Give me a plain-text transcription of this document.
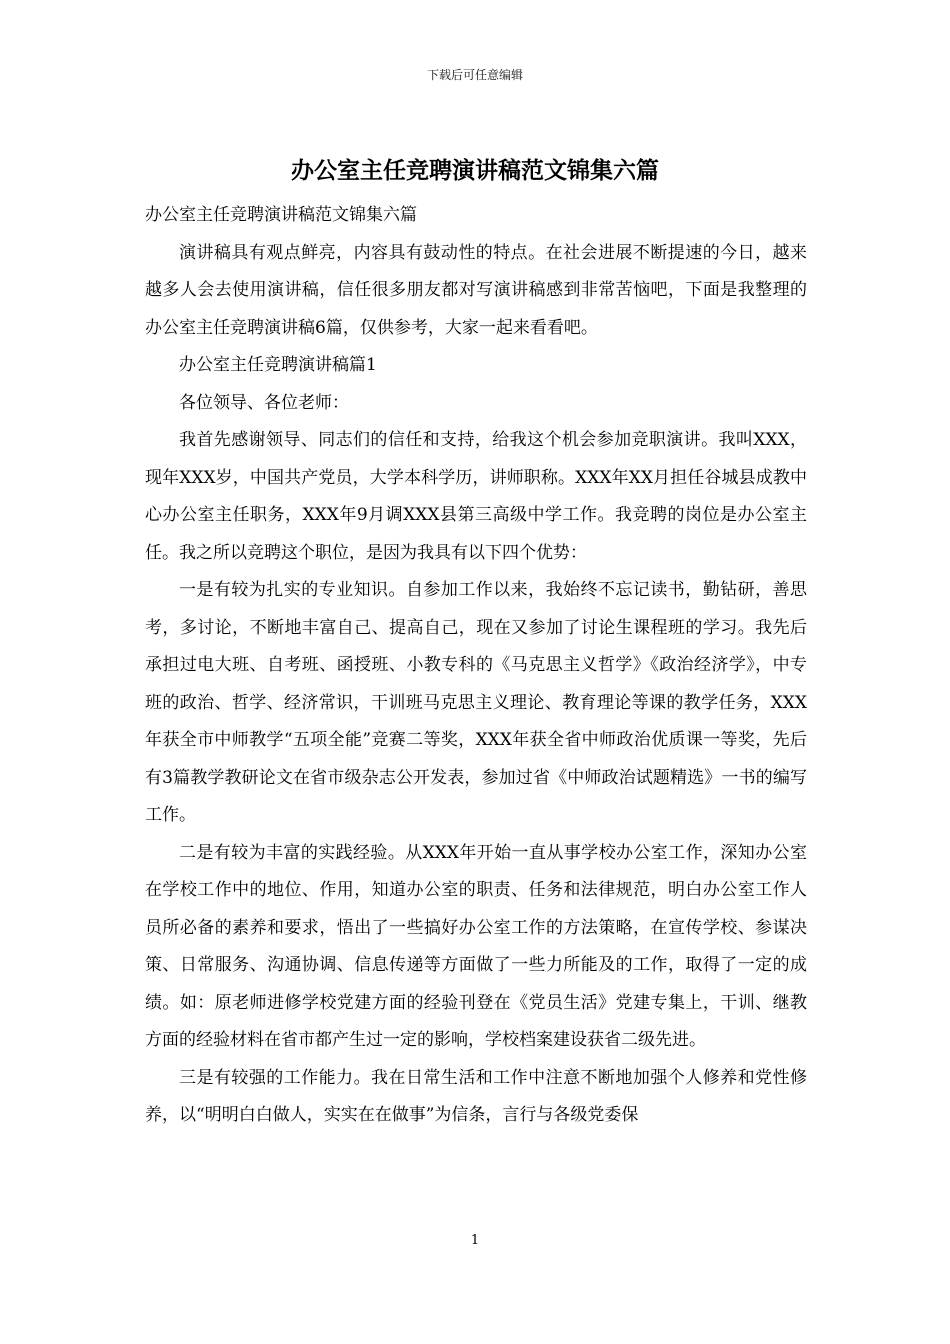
下载后可任意编辑
办公室主任竞聘演讲稿范文锦集六篇

办公室主任竞聘演讲稿范文锦集六篇

演讲稿具有观点鲜亮，内容具有鼓动性的特点。在社会进展不断提速的今日，越来越多人会去使用演讲稿，信任很多朋友都对写演讲稿感到非常苦恼吧，下面是我整理的办公室主任竞聘演讲稿6篇，仅供参考，大家一起来看看吧。

办公室主任竞聘演讲稿篇1

各位领导、各位老师：

我首先感谢领导、同志们的信任和支持，给我这个机会参加竞职演讲。我叫XXX，现年XXX岁，中国共产党员，大学本科学历，讲师职称。XXX年XX月担任谷城县成教中心办公室主任职务，XXX年9月调XXX县第三高级中学工作。我竞聘的岗位是办公室主任。我之所以竞聘这个职位，是因为我具有以下四个优势：

一是有较为扎实的专业知识。自参加工作以来，我始终不忘记读书，勤钻研，善思考，多讨论，不断地丰富自己、提高自己，现在又参加了讨论生课程班的学习。我先后承担过电大班、自考班、函授班、小教专科的《马克思主义哲学》《政治经济学》，中专班的政治、哲学、经济常识，干训班马克思主义理论、教育理论等课的教学任务，XXX年获全市中师教学“五项全能”竞赛二等奖，XXX年获全省中师政治优质课一等奖，先后有3篇教学教研论文在省市级杂志公开发表，参加过省《中师政治试题精选》一书的编写工作。

二是有较为丰富的实践经验。从XXX年开始一直从事学校办公室工作，深知办公室在学校工作中的地位、作用，知道办公室的职责、任务和法律规范，明白办公室工作人员所必备的素养和要求，悟出了一些搞好办公室工作的方法策略，在宣传学校、参谋决策、日常服务、沟通协调、信息传递等方面做了一些力所能及的工作，取得了一定的成绩。如：原老师进修学校党建方面的经验刊登在《党员生活》党建专集上，干训、继教方面的经验材料在省市都产生过一定的影响，学校档案建设获省二级先进。

三是有较强的工作能力。我在日常生活和工作中注意不断地加强个人修养和党性修养，以“明明白白做人，实实在在做事”为信条，言行与各级党委保

1
